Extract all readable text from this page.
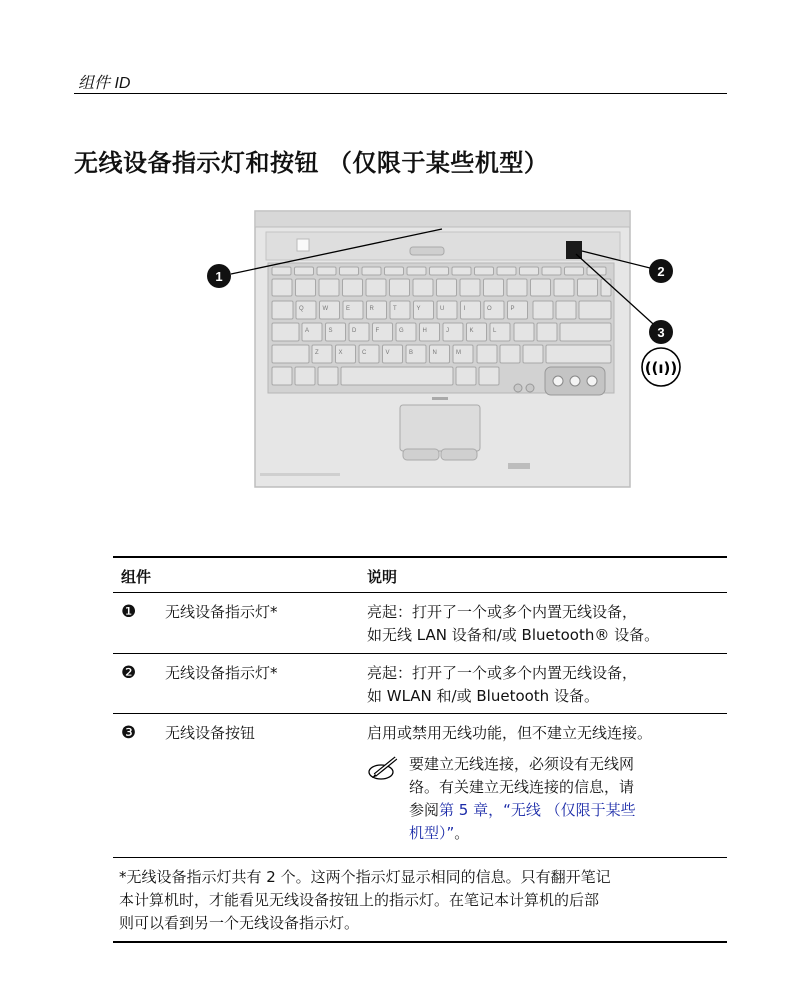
组件 ID
无线设备指示灯和按钮 （仅限于某些机型）
Q	W	E	R	T	Y	U	I	O	P
A	S	D	F	G	H	J	K	L
Z	X	C	V	B	N	M
1	2
3
((ı))
组件	说明
❶ 无线设备指示灯*	亮起：打开了一个或多个内置无线设备，
如无线 LAN 设备和/或 Bluetooth® 设备。
❷ 无线设备指示灯*	亮起：打开了一个或多个内置无线设备，
如 WLAN 和/或 Bluetooth 设备。
❸ 无线设备按钮	启用或禁用无线功能，但不建立无线连接。
要建立无线连接，必须设有无线网
络。有关建立无线连接的信息，请
参阅第 5 章，“无线 （仅限于某些
机型）”。
*无线设备指示灯共有 2 个。这两个指示灯显示相同的信息。只有翻开笔记
本计算机时，才能看见无线设备按钮上的指示灯。在笔记本计算机的后部
则可以看到另一个无线设备指示灯。
